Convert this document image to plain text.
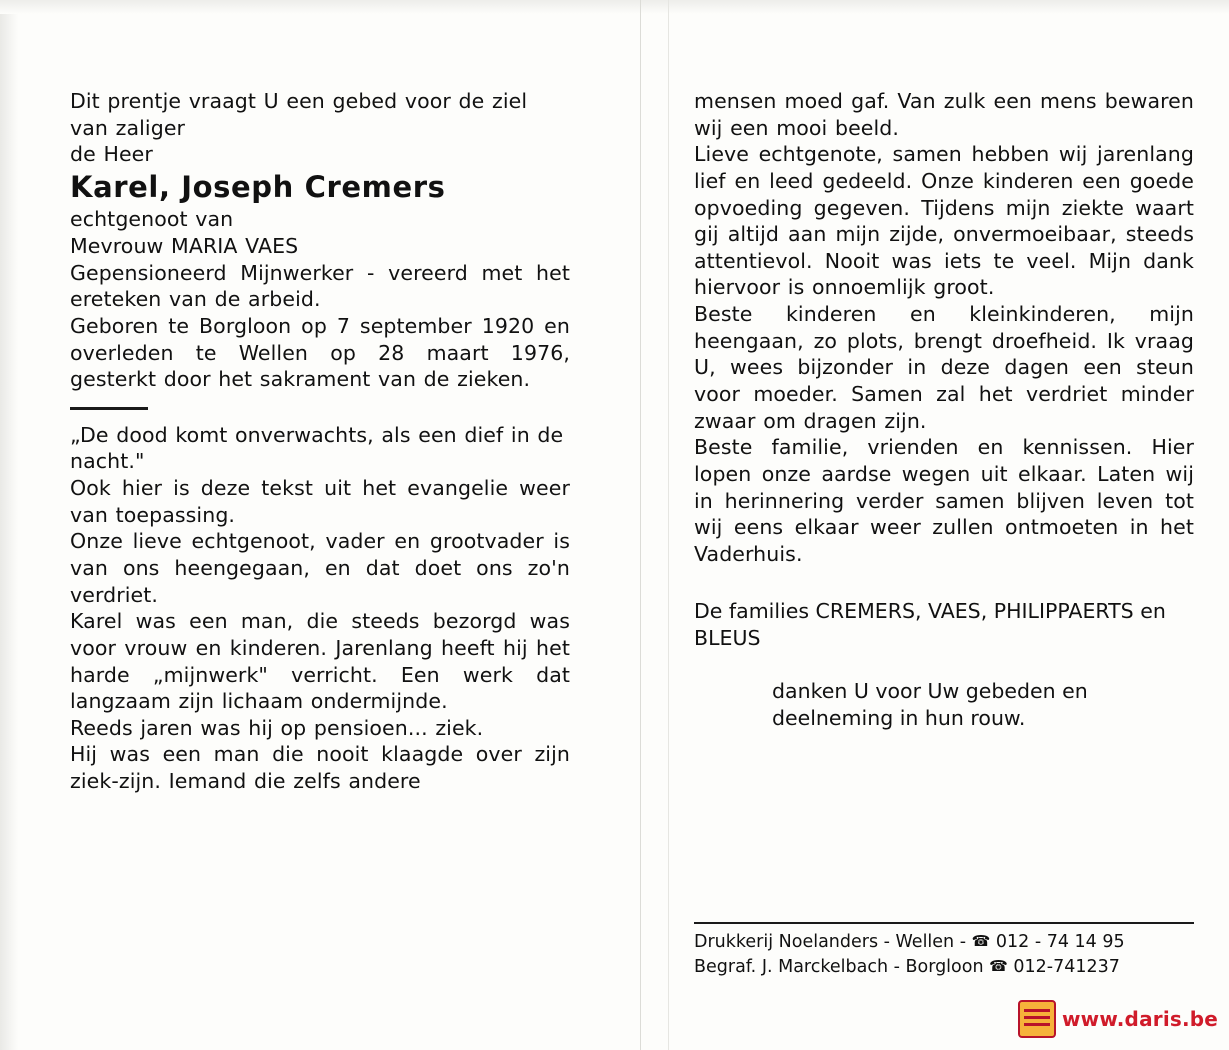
Dit prentje vraagt U een gebed voor de ziel van zaliger
de Heer
Karel, Joseph Cremers
echtgenoot van
Mevrouw MARIA VAES
Gepensioneerd Mijnwerker - vereerd met het ereteken van de arbeid.
Geboren te Borgloon op 7 september 1920 en overleden te Wellen op 28 maart 1976, gesterkt door het sakrament van de zieken.
„De dood komt onverwachts, als een dief in de nacht."
Ook hier is deze tekst uit het evangelie weer van toepassing.
Onze lieve echtgenoot, vader en grootvader is van ons heengegaan, en dat doet ons zo'n verdriet.
Karel was een man, die steeds bezorgd was voor vrouw en kinderen. Jarenlang heeft hij het harde „mijnwerk" verricht. Een werk dat langzaam zijn lichaam ondermijnde.
Reeds jaren was hij op pensioen... ziek.
Hij was een man die nooit klaagde over zijn ziek-zijn. Iemand die zelfs andere
mensen moed gaf. Van zulk een mens bewaren wij een mooi beeld.
Lieve echtgenote, samen hebben wij jarenlang lief en leed gedeeld. Onze kinderen een goede opvoeding gegeven. Tijdens mijn ziekte waart gij altijd aan mijn zijde, onvermoeibaar, steeds attentievol. Nooit was iets te veel. Mijn dank hiervoor is onnoemlijk groot.
Beste kinderen en kleinkinderen, mijn heengaan, zo plots, brengt droefheid. Ik vraag U, wees bijzonder in deze dagen een steun voor moeder. Samen zal het verdriet minder zwaar om dragen zijn.
Beste familie, vrienden en kennissen. Hier lopen onze aardse wegen uit elkaar. Laten wij in herinnering verder samen blijven leven tot wij eens elkaar weer zullen ontmoeten in het Vaderhuis.
De families CREMERS, VAES, PHILIPPAERTS en BLEUS
danken U voor Uw gebeden en deelneming in hun rouw.
Drukkerij Noelanders - Wellen - ☎ 012 - 74 14 95
Begraf. J. Marckelbach - Borgloon ☎ 012-741237
www.daris.be
